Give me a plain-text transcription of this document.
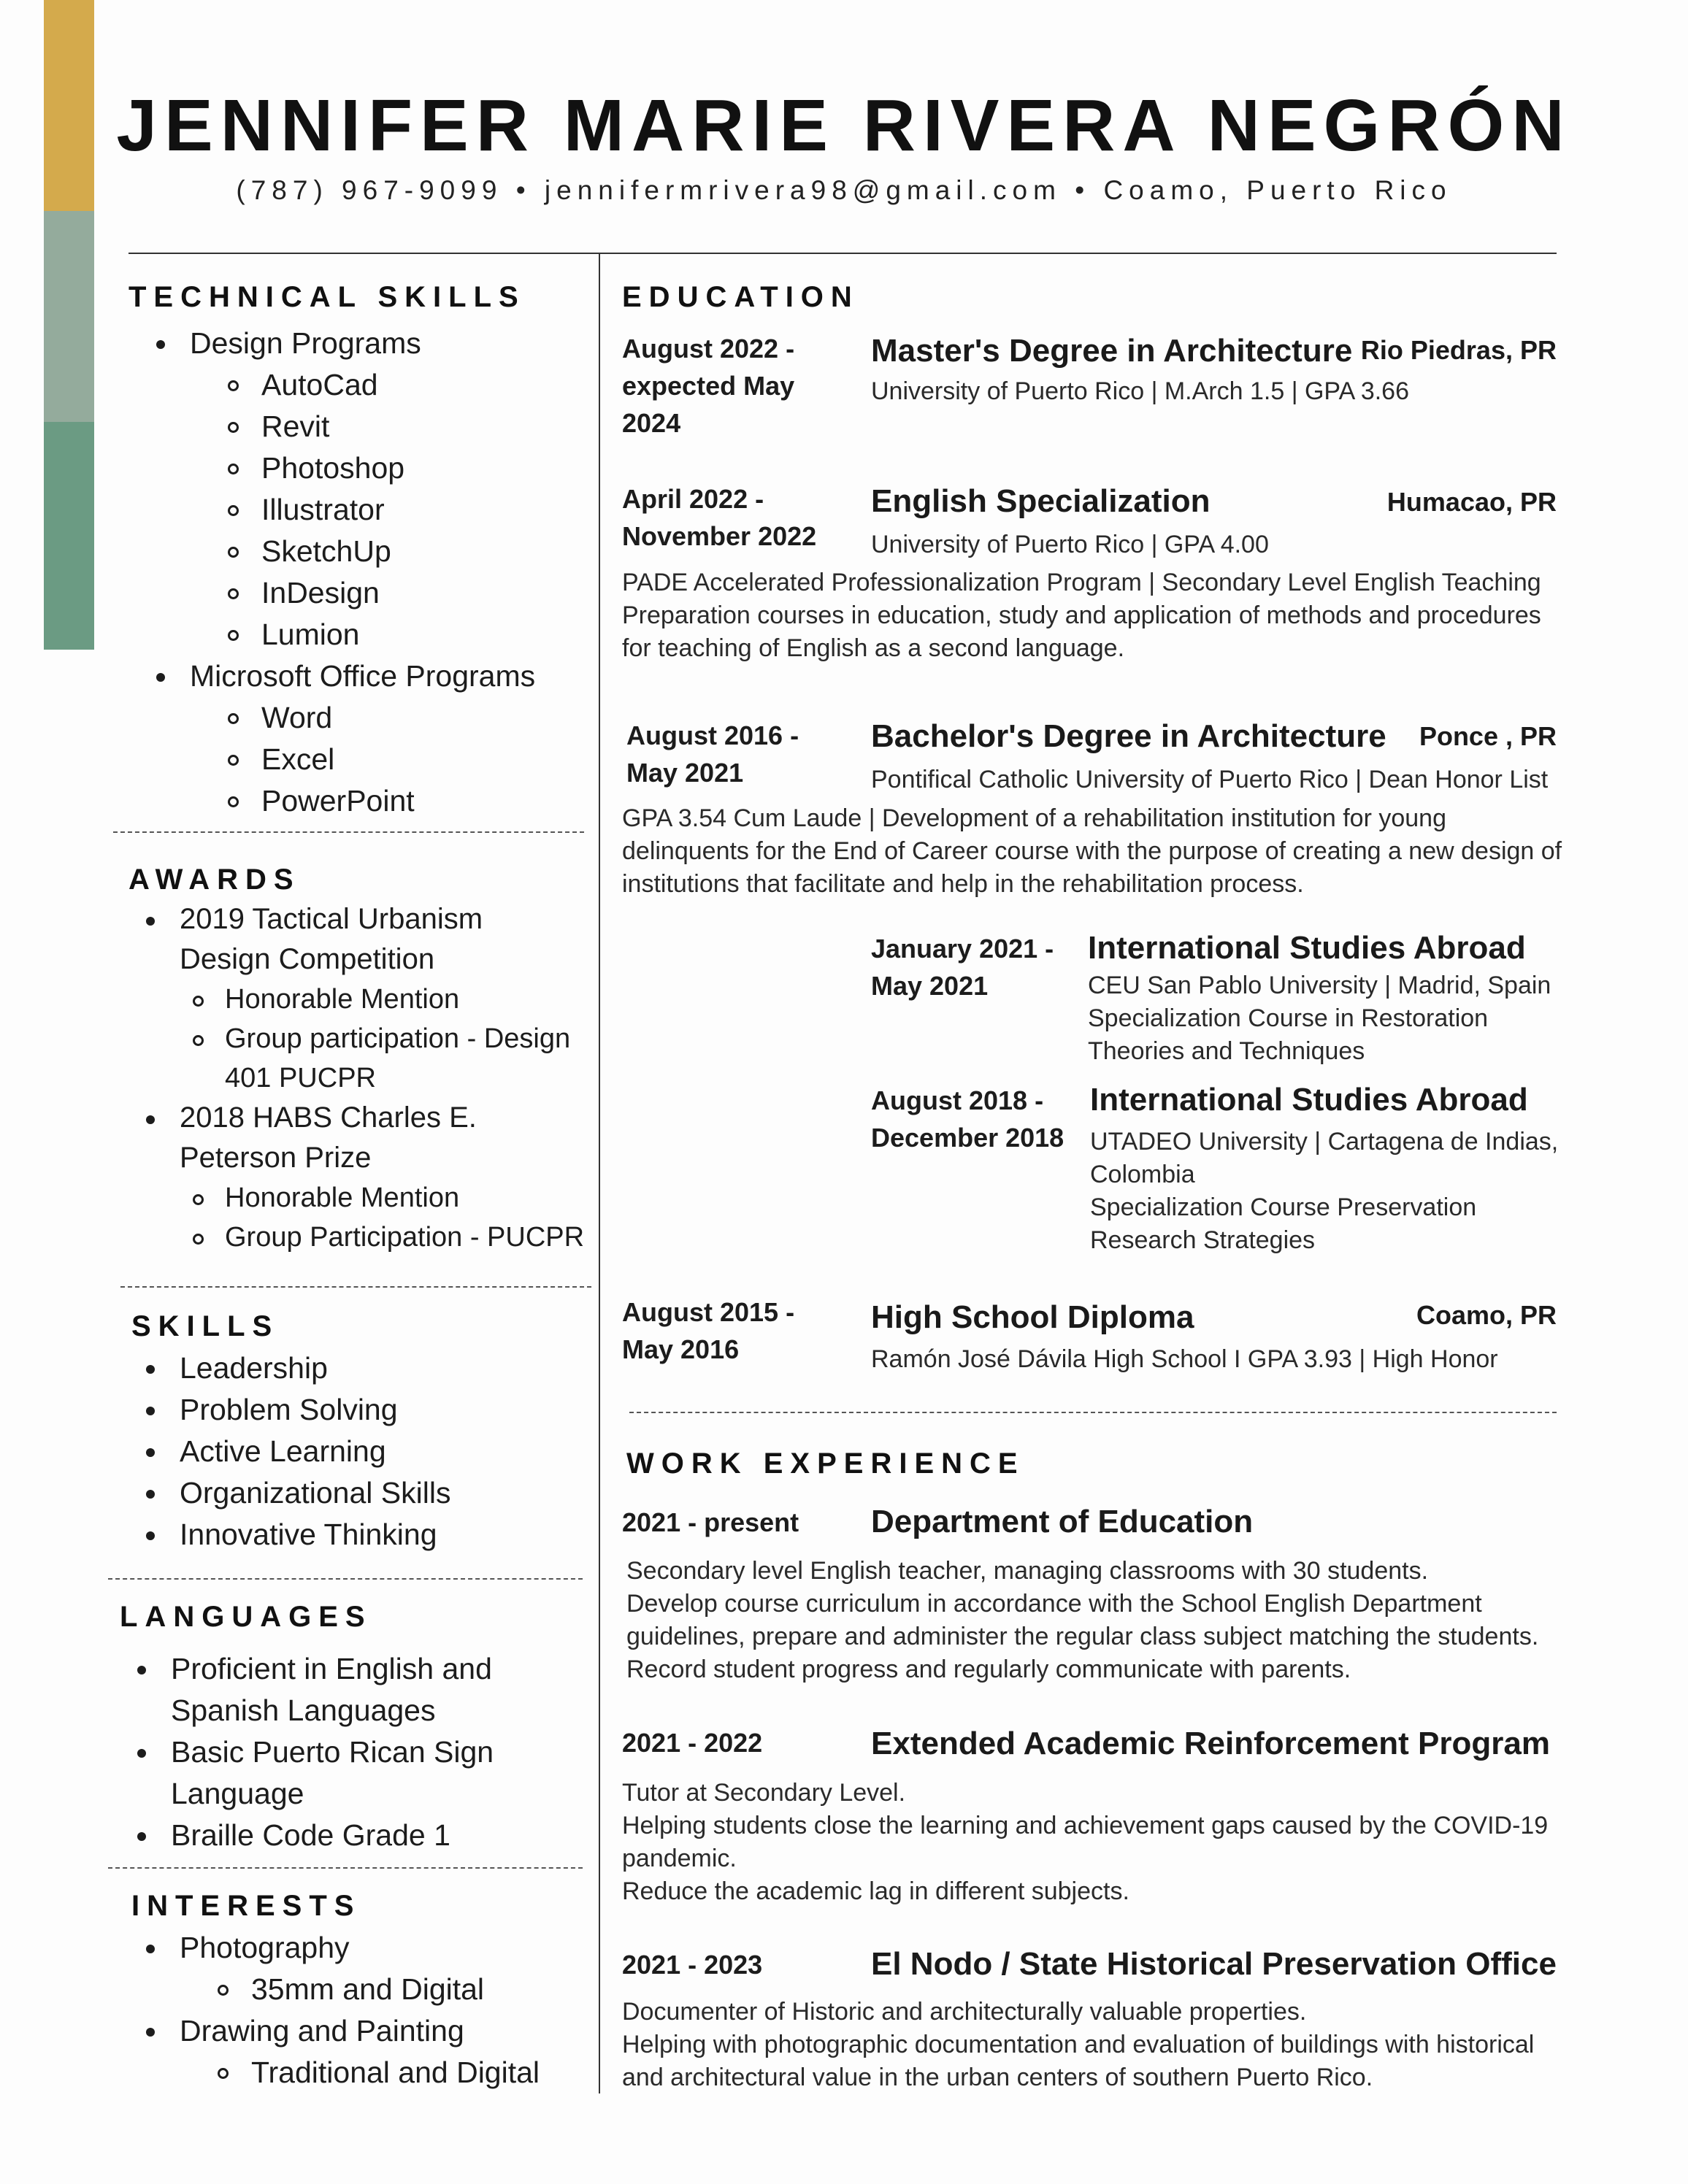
JENNIFER MARIE RIVERA NEGRÓN
(787) 967-9099 • jennifermrivera98@gmail.com • Coamo, Puerto Rico
TECHNICAL SKILLS
Design Programs
AutoCad
Revit
Photoshop
Illustrator
SketchUp
InDesign
Lumion
Microsoft Office Programs
Word
Excel
PowerPoint
AWARDS
2019 Tactical Urbanism
Design Competition
Honorable Mention
Group participation - Design
401 PUCPR
2018 HABS Charles E.
Peterson Prize
Honorable Mention
Group Participation - PUCPR
SKILLS
Leadership
Problem Solving
Active Learning
Organizational Skills
Innovative Thinking
LANGUAGES
Proficient in English and
Spanish Languages
Basic Puerto Rican Sign
Language
Braille Code Grade 1
INTERESTS
Photography
35mm and Digital
Drawing and Painting
Traditional and Digital
EDUCATION
August 2022 -
expected May
2024
Master's Degree in Architecture Rio Piedras, PR
University of Puerto Rico | M.Arch 1.5 | GPA 3.66
April 2022 -
November 2022
English Specialization	Humacao, PR
University of Puerto Rico | GPA 4.00
PADE Accelerated Professionalization Program | Secondary Level English Teaching
Preparation courses in education, study and application of methods and procedures
for teaching of English as a second language.
August 2016 -
May 2021
Bachelor's Degree in Architecture Ponce , PR
Pontifical Catholic University of Puerto Rico | Dean Honor List
GPA 3.54 Cum Laude | Development of a rehabilitation institution for young
delinquents for the End of Career course with the purpose of creating a new design of
institutions that facilitate and help in the rehabilitation process.
January 2021 -
May 2021
International Studies Abroad
CEU San Pablo University | Madrid, Spain
Specialization Course in Restoration
Theories and Techniques
August 2018 -
December 2018
International Studies Abroad
UTADEO University | Cartagena de Indias,
Colombia
Specialization Course Preservation
Research Strategies
August 2015 -
May 2016
High School Diploma	Coamo, PR
Ramón José Dávila High School I GPA 3.93 | High Honor
WORK EXPERIENCE
2021 - present Department of Education
Secondary level English teacher, managing classrooms with 30 students.
Develop course curriculum in accordance with the School English Department
guidelines, prepare and administer the regular class subject matching the students.
Record student progress and regularly communicate with parents.
2021 - 2022	Extended Academic Reinforcement Program
Tutor at Secondary Level.
Helping students close the learning and achievement gaps caused by the COVID-19
pandemic.
Reduce the academic lag in different subjects.
2021 - 2023	El Nodo / State Historical Preservation Office
Documenter of Historic and architecturally valuable properties.
Helping with photographic documentation and evaluation of buildings with historical
and architectural value in the urban centers of southern Puerto Rico.
